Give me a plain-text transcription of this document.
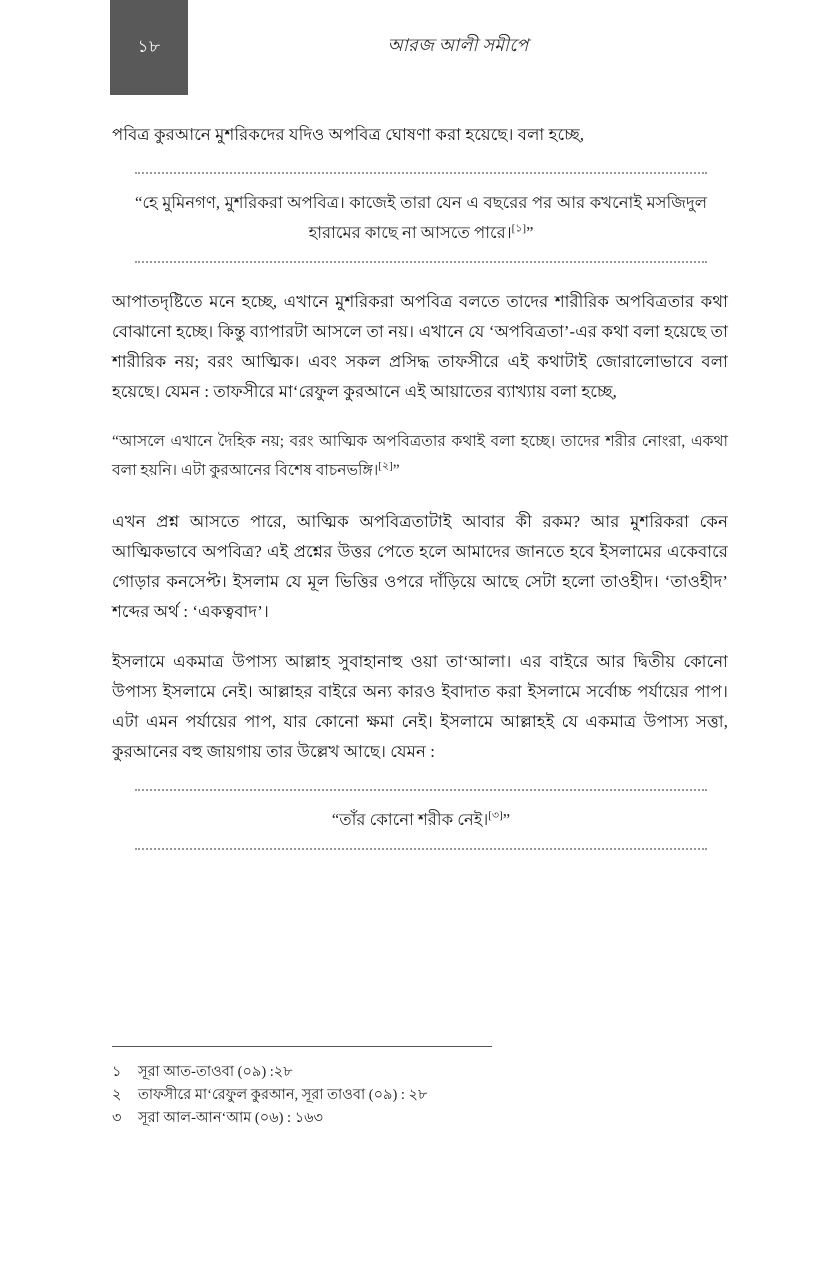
১৮	আরজ আলী সমীপে

পবিত্র কুরআনে মুশরিকদের যদিও অপবিত্র ঘোষণা করা হয়েছে। বলা হচ্ছে,

“হে মুমিনগণ, মুশরিকরা অপবিত্র। কাজেই তারা যেন এ বছরের পর আর কখনোই মসজিদুল হারামের কাছে না আসতে পারে।[১]”

আপাতদৃষ্টিতে মনে হচ্ছে, এখানে মুশরিকরা অপবিত্র বলতে তাদের শারীরিক অপবিত্রতার কথা বোঝানো হচ্ছে। কিন্তু ব্যাপারটা আসলে তা নয়। এখানে যে ‘অপবিত্রতা’-এর কথা বলা হয়েছে তা শারীরিক নয়; বরং আত্মিক। এবং সকল প্রসিদ্ধ তাফসীরে এই কথাটাই জোরালোভাবে বলা হয়েছে। যেমন : তাফসীরে মা‘রেফুল কুরআনে এই আয়াতের ব্যাখ্যায় বলা হচ্ছে,

“আসলে এখানে দৈহিক নয়; বরং আত্মিক অপবিত্রতার কথাই বলা হচ্ছে। তাদের শরীর নোংরা, একথা বলা হয়নি। এটা কুরআনের বিশেষ বাচনভঙ্গি।[২]”

এখন প্রশ্ন আসতে পারে, আত্মিক অপবিত্রতাটাই আবার কী রকম? আর মুশরিকরা কেন আত্মিকভাবে অপবিত্র? এই প্রশ্নের উত্তর পেতে হলে আমাদের জানতে হবে ইসলামের একেবারে গোড়ার কনসেপ্ট। ইসলাম যে মূল ভিত্তির ওপরে দাঁড়িয়ে আছে সেটা হলো তাওহীদ। ‘তাওহীদ’ শব্দের অর্থ : ‘একত্ববাদ’।

ইসলামে একমাত্র উপাস্য আল্লাহ সুবাহানাহু ওয়া তা‘আলা। এর বাইরে আর দ্বিতীয় কোনো উপাস্য ইসলামে নেই। আল্লাহর বাইরে অন্য কারও ইবাদাত করা ইসলামে সর্বোচ্চ পর্যায়ের পাপ। এটা এমন পর্যায়ের পাপ, যার কোনো ক্ষমা নেই। ইসলামে আল্লাহই যে একমাত্র উপাস্য সত্তা, কুরআনের বহু জায়গায় তার উল্লেখ আছে। যেমন :

“তাঁর কোনো শরীক নেই।[৩]”

১	সূরা আত-তাওবা (০৯) :২৮
২	তাফসীরে মা‘রেফুল কুরআন, সূরা তাওবা (০৯) : ২৮
৩	সূরা আল-আন‘আম (০৬) : ১৬৩
